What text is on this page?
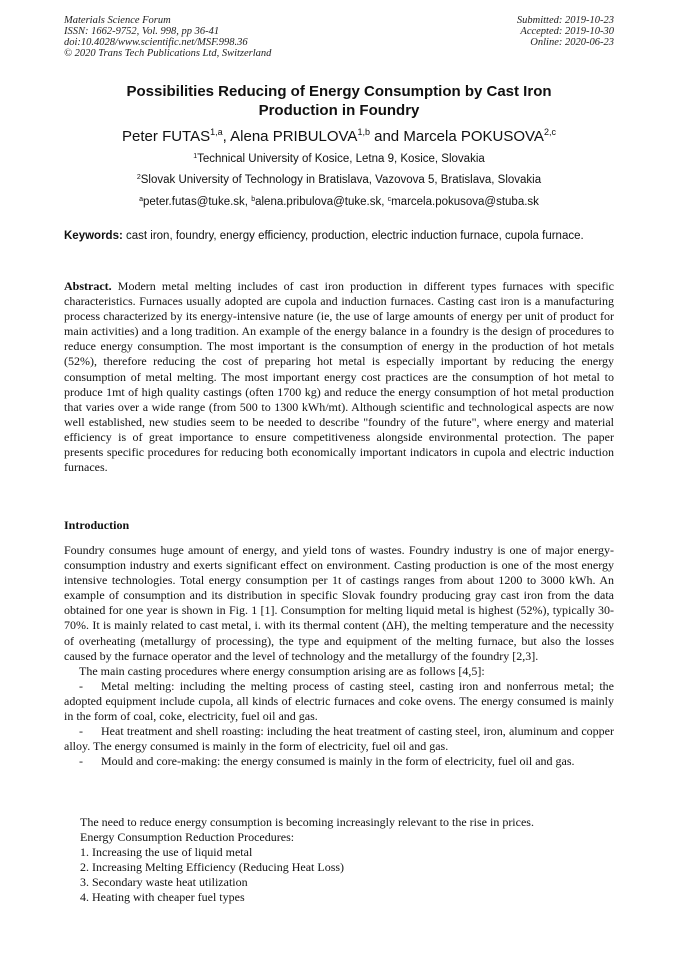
Materials Science Forum
ISSN: 1662-9752, Vol. 998, pp 36-41
doi:10.4028/www.scientific.net/MSF.998.36
© 2020 Trans Tech Publications Ltd, Switzerland
Submitted: 2019-10-23
Accepted: 2019-10-30
Online: 2020-06-23
Possibilities Reducing of Energy Consumption by Cast Iron
Production in Foundry
Peter FUTAS$^{1,a}$, Alena PRIBULOVA$^{1,b}$ and Marcela POKUSOVA$^{2,c}$
$^1$Technical University of Kosice, Letna 9, Kosice, Slovakia
$^2$Slovak University of Technology in Bratislava, Vazovova 5, Bratislava, Slovakia
$^a$peter.futas@tuke.sk, $^b$alena.pribulova@tuke.sk, $^c$marcela.pokusova@stuba.sk
Keywords: cast iron, foundry, energy efficiency, production, electric induction furnace, cupola furnace.
Abstract. Modern metal melting includes of cast iron production in different types furnaces with specific characteristics. Furnaces usually adopted are cupola and induction furnaces. Casting cast iron is a manufacturing process characterized by its energy-intensive nature (ie, the use of large amounts of energy per unit of product for main activities) and a long tradition. An example of the energy balance in a foundry is the design of procedures to reduce energy consumption. The most important is the consumption of energy in the production of hot metals (52%), therefore reducing the cost of preparing hot metal is especially important by reducing the energy consumption of metal melting. The most important energy cost practices are the consumption of hot metal to produce 1mt of high quality castings (often 1700 kg) and reduce the energy consumption of hot metal production that varies over a wide range (from 500 to 1300 kWh/mt). Although scientific and technological aspects are now well established, new studies seem to be needed to describe "foundry of the future", where energy and material efficiency is of great importance to ensure competitiveness alongside environmental protection. The paper presents specific procedures for reducing both economically important indicators in cupola and electric induction furnaces.
Introduction

Foundry consumes huge amount of energy, and yield tons of wastes. Foundry industry is one of major energy-consumption industry and exerts significant effect on environment. Casting production is one of the most energy intensive technologies. Total energy consumption per 1t of castings ranges from about 1200 to 3000 kWh. An example of consumption and its distribution in specific Slovak foundry producing gray cast iron from the data obtained for one year is shown in Fig. 1 [1]. Consumption for melting liquid metal is highest (52%), typically 30-70%. It is mainly related to cast metal, i. with its thermal content (ΔH), the melting temperature and the necessity of overheating (metallurgy of processing), the type and equipment of the melting furnace, but also the losses caused by the furnace operator and the level of technology and the metallurgy of the foundry [2,3].

The main casting procedures where energy consumption arising are as follows [4,5]:

- Metal melting: including the melting process of casting steel, casting iron and nonferrous metal; the adopted equipment include cupola, all kinds of electric furnaces and coke ovens. The energy consumed is mainly in the form of coal, coke, electricity, fuel oil and gas.

- Heat treatment and shell roasting: including the heat treatment of casting steel, iron, aluminum and copper alloy. The energy consumed is mainly in the form of electricity, fuel oil and gas.

- Mould and core-making: the energy consumed is mainly in the form of electricity, fuel oil and gas.

The need to reduce energy consumption is becoming increasingly relevant to the rise in prices.

Energy Consumption Reduction Procedures:

1. Increasing the use of liquid metal

2. Increasing Melting Efficiency (Reducing Heat Loss)

3. Secondary waste heat utilization

4. Heating with cheaper fuel types
